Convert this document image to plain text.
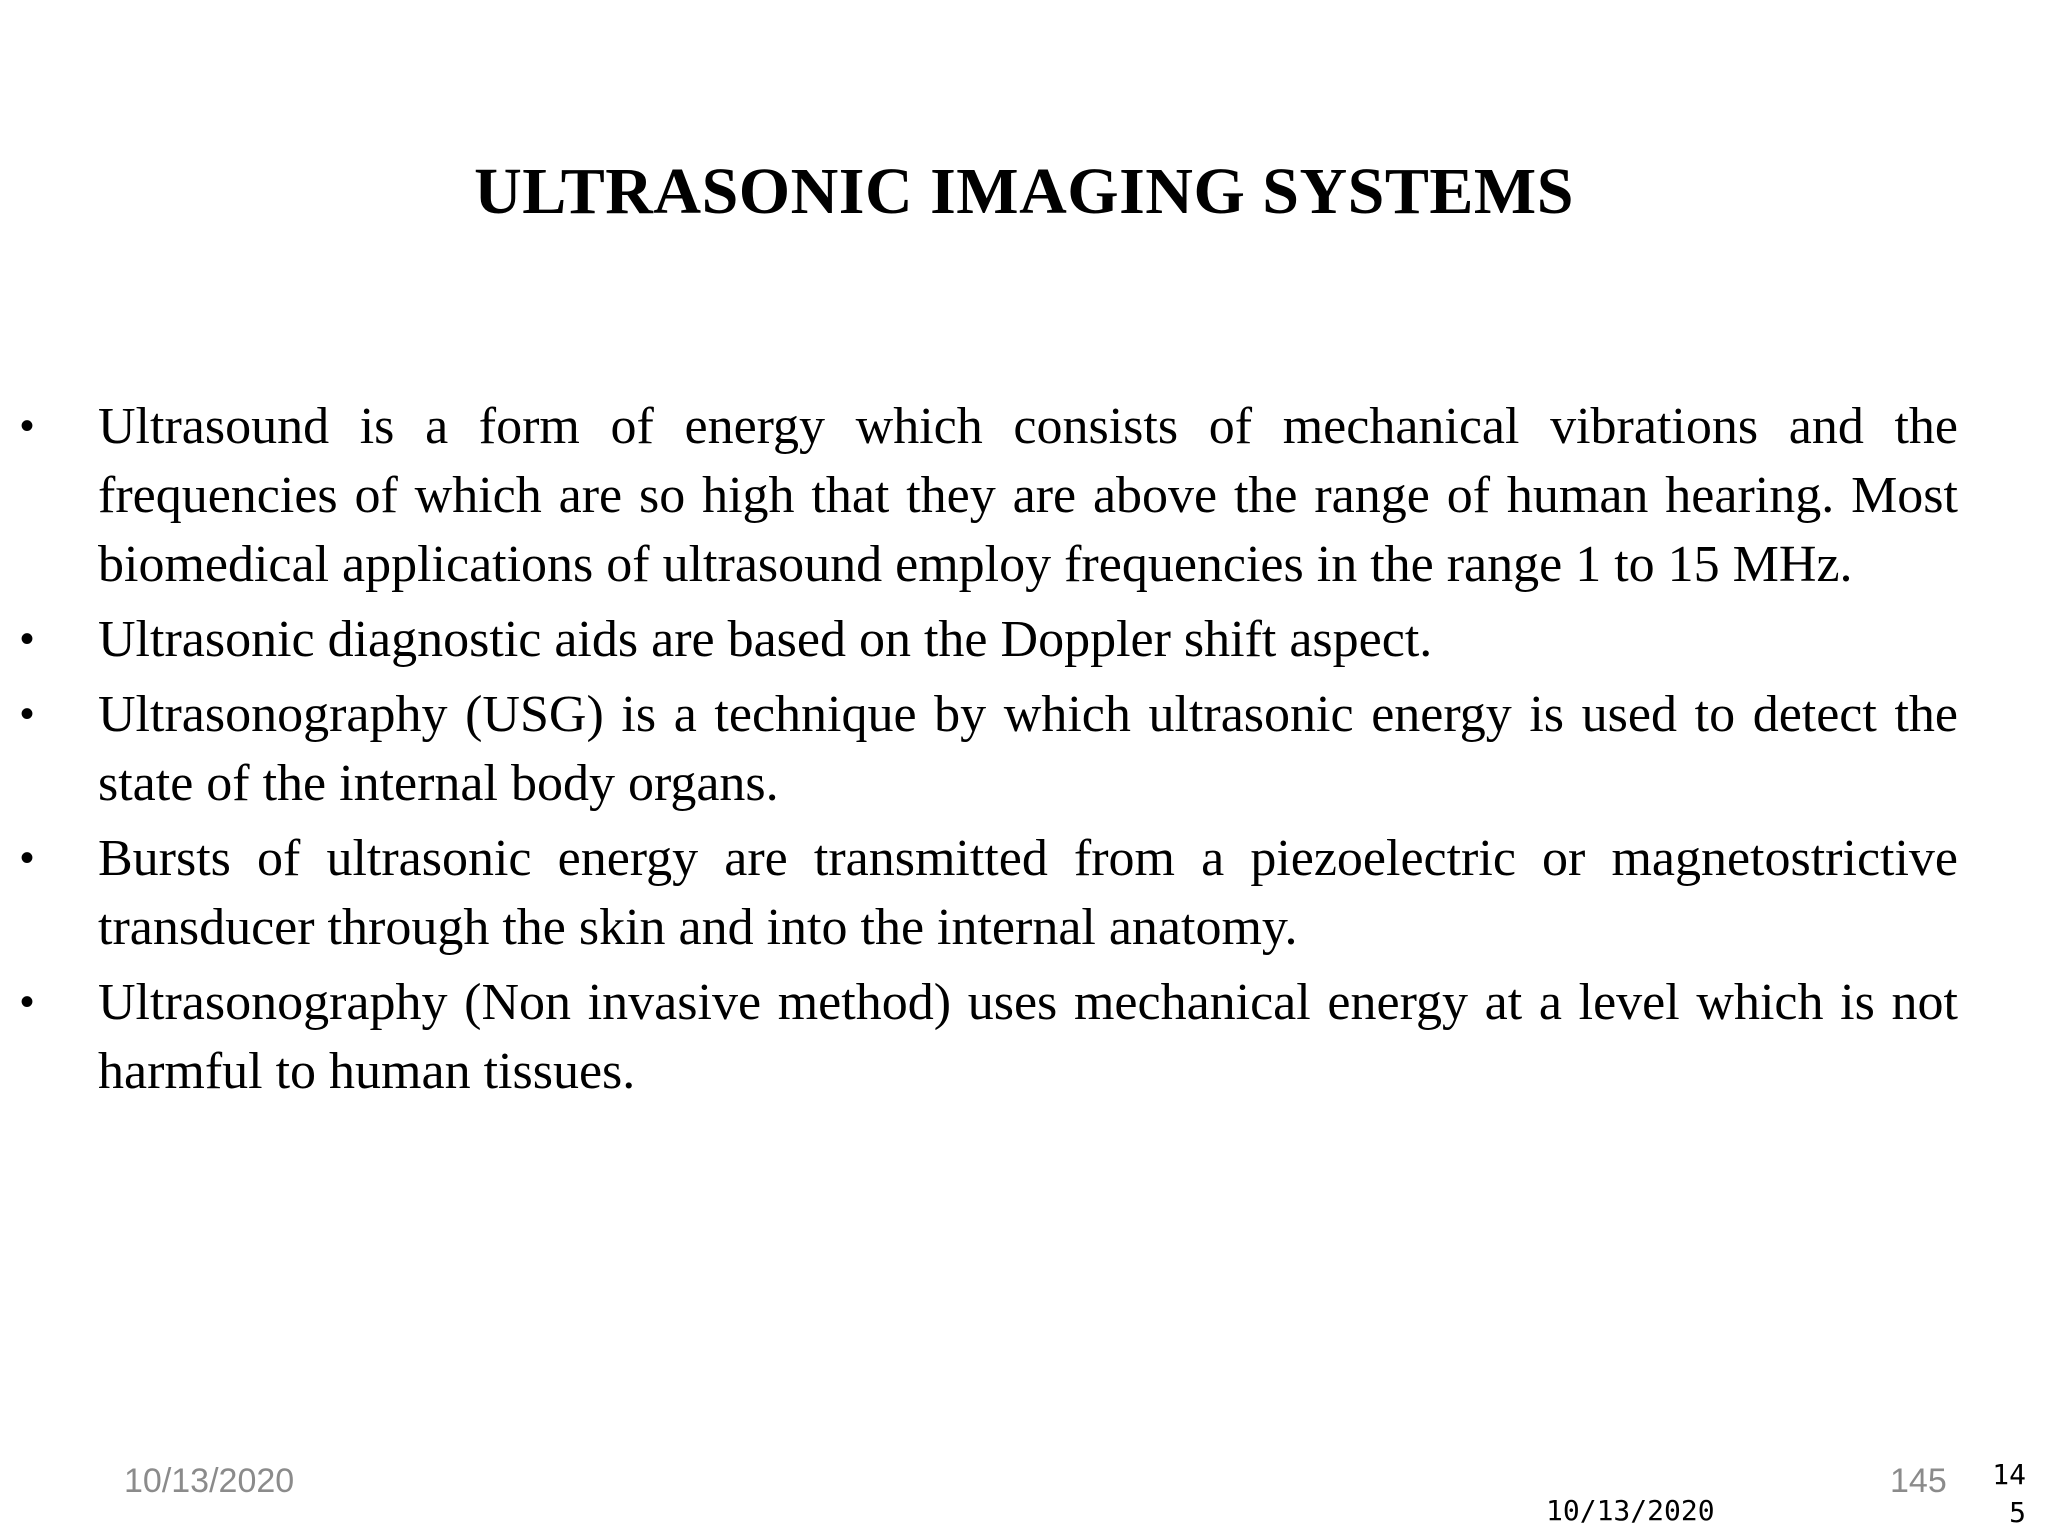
ULTRASONIC IMAGING SYSTEMS
•	Ultrasound is a form of energy which consists of mechanical vibrations and the frequencies of which are so high that they are above the range of human hearing. Most biomedical applications of ultrasound employ frequencies in the range 1 to 15 MHz.
•	Ultrasonic diagnostic aids are based on the Doppler shift aspect.
•	Ultrasonography (USG) is a technique by which ultrasonic energy is used to detect the state of the internal body organs.
•	Bursts of ultrasonic energy are transmitted from a piezoelectric or magnetostrictive transducer through the skin and into the internal anatomy.
•	Ultrasonography (Non invasive method) uses mechanical energy at a level which is not harmful to human tissues.
10/13/2020	145
10/13/2020
14
5
